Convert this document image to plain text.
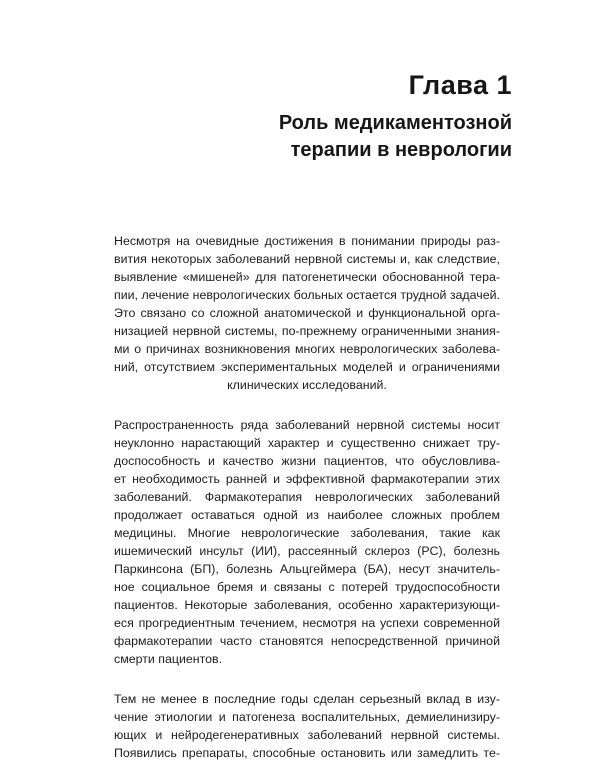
Глава 1
Роль медикаментозной
терапии в неврологии

Несмотря на очевидные достижения в понимании природы раз-
вития некоторых заболеваний нервной системы и, как следствие,
выявление «мишеней» для патогенетически обоснованной тера-
пии, лечение неврологических больных остается трудной задачей.
Это связано со сложной анатомической и функциональной орга-
низацией нервной системы, по-прежнему ограниченными знания-
ми о причинах возникновения многих неврологических заболева-
ний, отсутствием экспериментальных моделей и ограничениями
клинических исследований.

Распространенность ряда заболеваний нервной системы носит
неуклонно нарастающий характер и существенно снижает тру-
доспособность и качество жизни пациентов, что обусловлива-
ет необходимость ранней и эффективной фармакотерапии этих
заболеваний. Фармакотерапия неврологических заболеваний
продолжает оставаться одной из наиболее сложных проблем
медицины. Многие неврологические заболевания, такие как
ишемический инсульт (ИИ), рассеянный склероз (РС), болезнь
Паркинсона (БП), болезнь Альцгеймера (БА), несут значитель-
ное социальное бремя и связаны с потерей трудоспособности
пациентов. Некоторые заболевания, особенно характеризующи-
еся прогредиентным течением, несмотря на успехи современной
фармакотерапии часто становятся непосредственной причиной
смерти пациентов.

Тем не менее в последние годы сделан серьезный вклад в изу-
чение этиологии и патогенеза воспалительных, демиелинизиру-
ющих и нейродегенеративных заболеваний нервной системы.
Появились препараты, способные остановить или замедлить те-
